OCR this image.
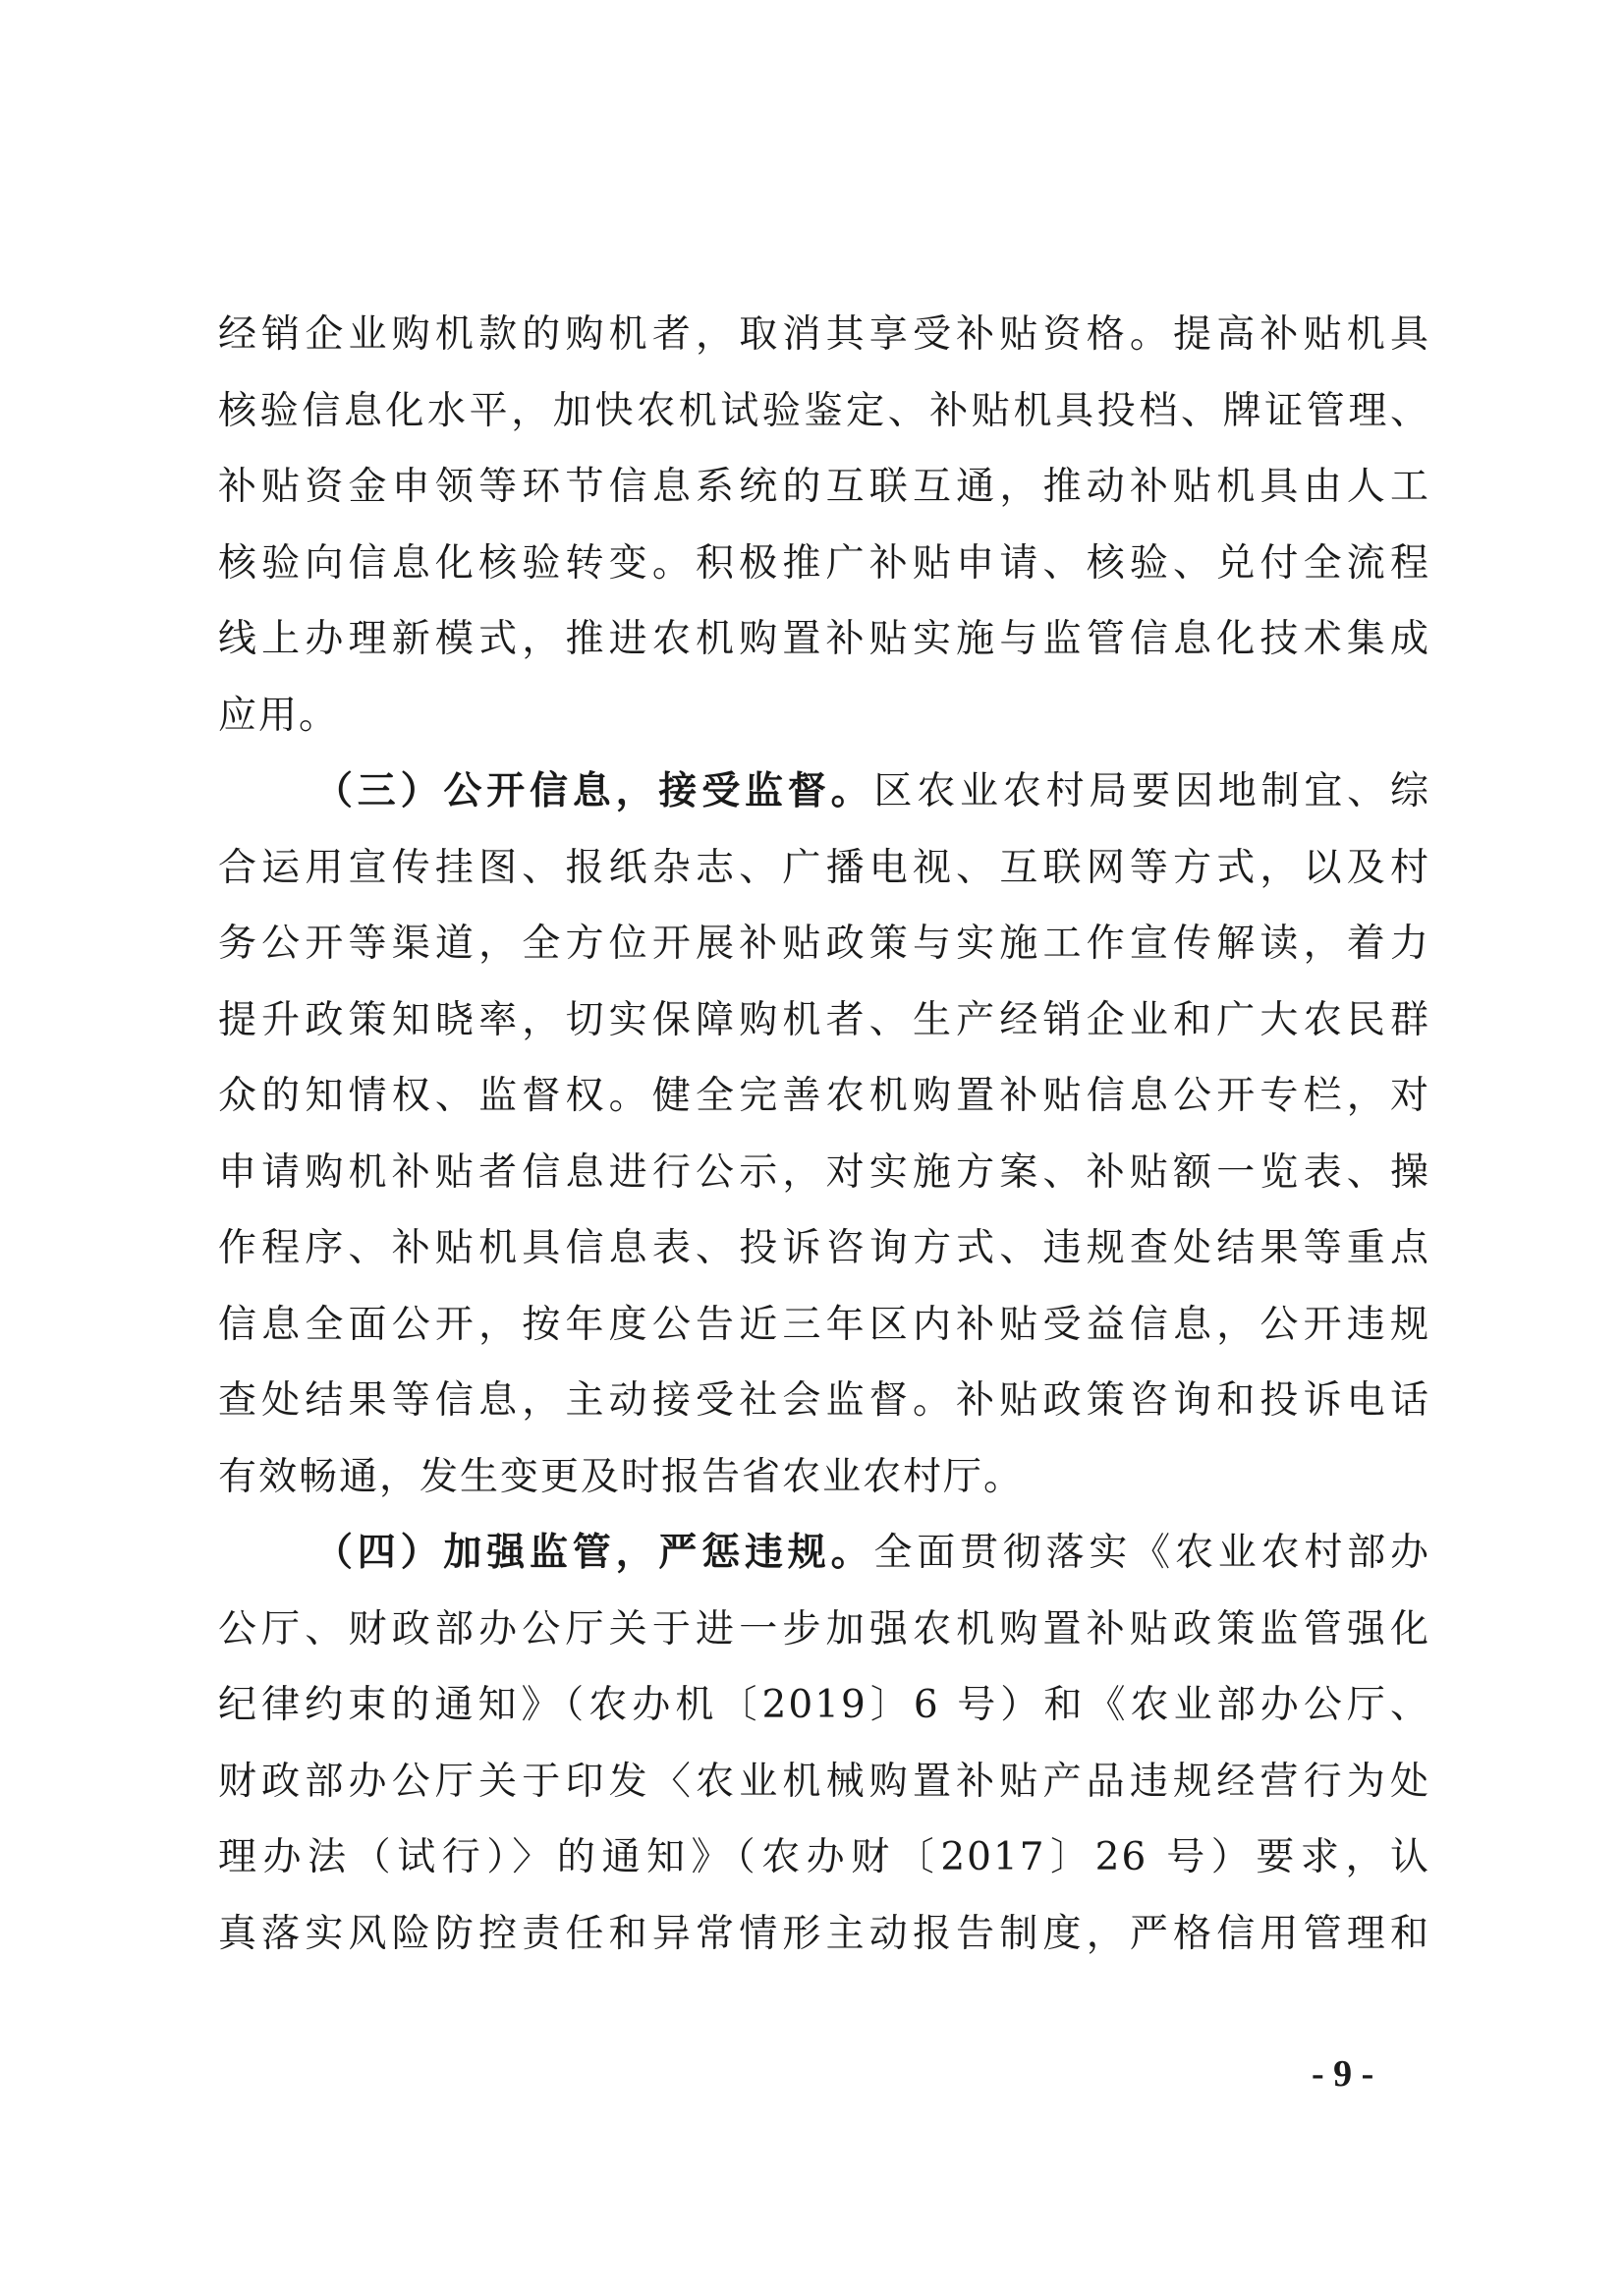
经销企业购机款的购机者，取消其享受补贴资格。提高补贴机具
核验信息化水平，加快农机试验鉴定、补贴机具投档、牌证管理、
补贴资金申领等环节信息系统的互联互通，推动补贴机具由人工
核验向信息化核验转变。积极推广补贴申请、核验、兑付全流程
线上办理新模式，推进农机购置补贴实施与监管信息化技术集成
应用。
（三）公开信息，接受监督。区农业农村局要因地制宜、综
合运用宣传挂图、报纸杂志、广播电视、互联网等方式，以及村
务公开等渠道，全方位开展补贴政策与实施工作宣传解读，着力
提升政策知晓率，切实保障购机者、生产经销企业和广大农民群
众的知情权、监督权。健全完善农机购置补贴信息公开专栏，对
申请购机补贴者信息进行公示，对实施方案、补贴额一览表、操
作程序、补贴机具信息表、投诉咨询方式、违规查处结果等重点
信息全面公开，按年度公告近三年区内补贴受益信息，公开违规
查处结果等信息，主动接受社会监督。补贴政策咨询和投诉电话
有效畅通，发生变更及时报告省农业农村厅。
（四）加强监管，严惩违规。全面贯彻落实《农业农村部办
公厅、财政部办公厅关于进一步加强农机购置补贴政策监管强化
纪律约束的通知》（农办机〔2019〕6 号）和《农业部办公厅、
财政部办公厅关于印发〈农业机械购置补贴产品违规经营行为处
理办法（试行）〉的通知》（农办财〔2017〕26 号）要求，认
真落实风险防控责任和异常情形主动报告制度，严格信用管理和
- 9 -
